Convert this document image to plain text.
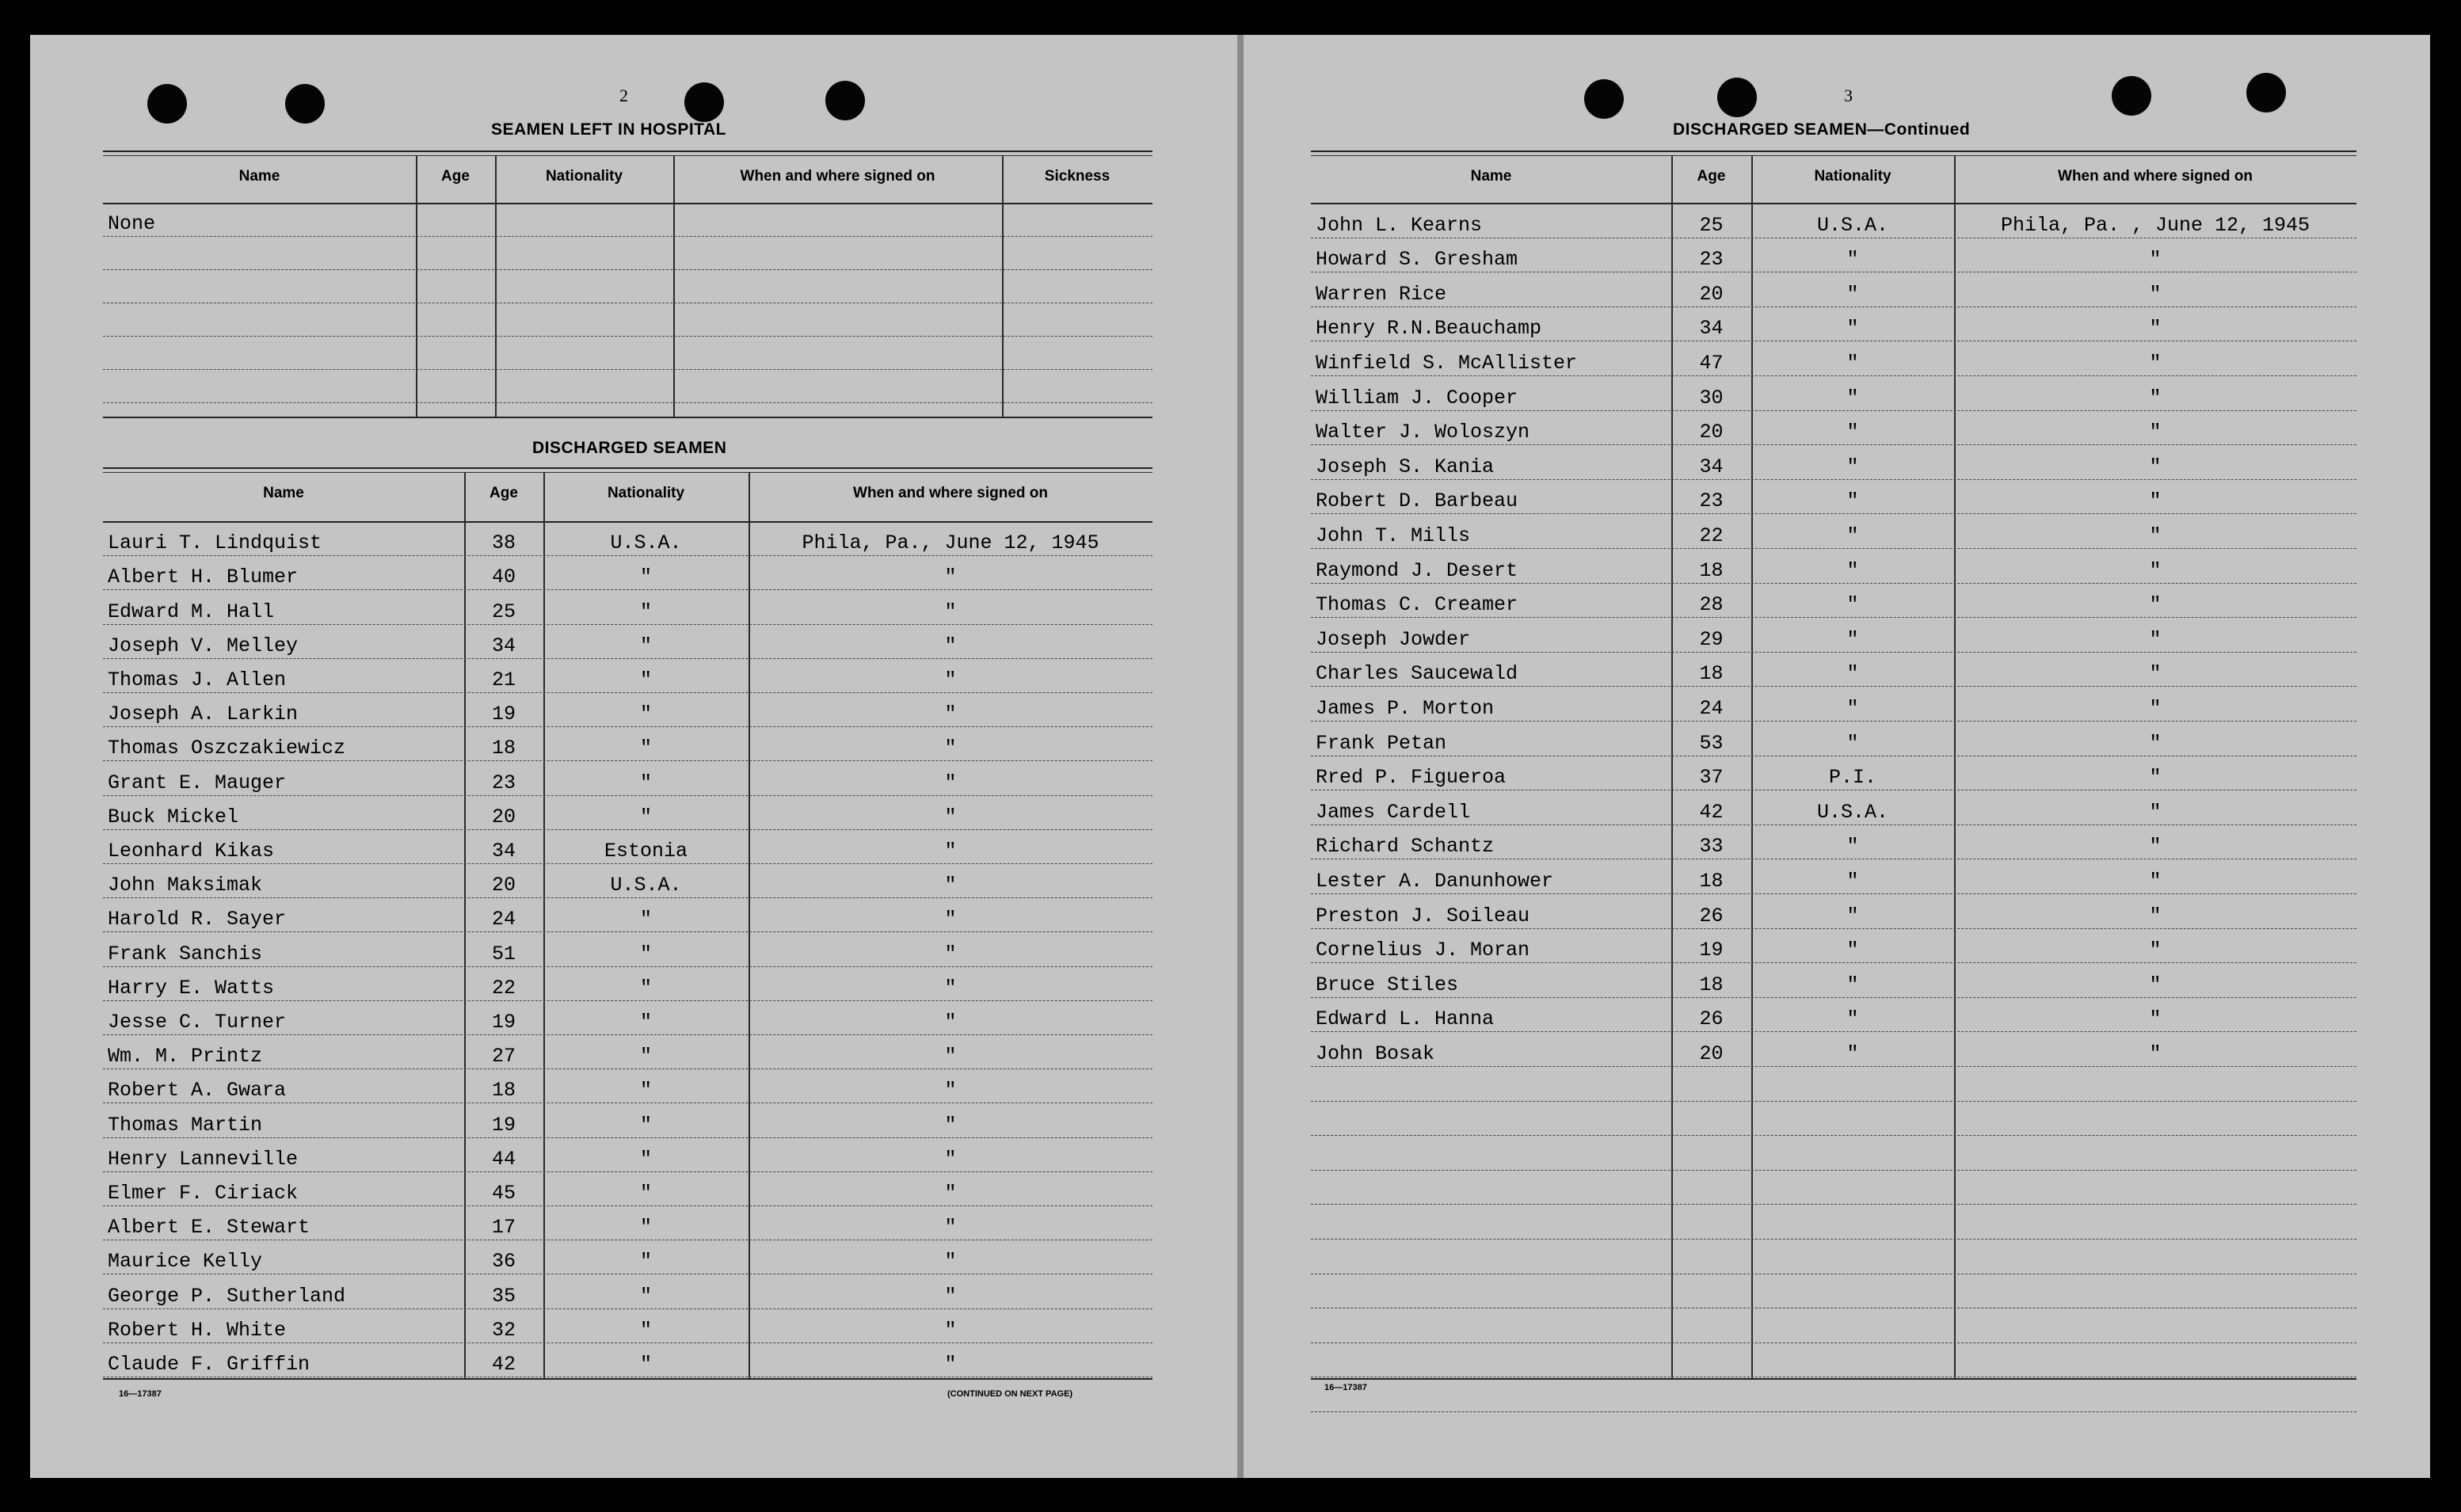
2
SEAMEN LEFT IN HOSPITAL
Name	Age	Nationality	When and where signed on	Sickness
None
DISCHARGED SEAMEN
Name	Age	Nationality	When and where signed on
Lauri T. Lindquist	38	U.S.A.	Phila, Pa., June 12, 1945
Albert H. Blumer	40	"	"
Edward M. Hall	25	"	"
Joseph V. Melley	34	"	"
Thomas J. Allen	21	"	"
Joseph A. Larkin	19	"	"
Thomas Oszczakiewicz	18	"	"
Grant E. Mauger	23	"	"
Buck Mickel	20	"	"
Leonhard Kikas	34	Estonia	"
John Maksimak	20	U.S.A.	"
Harold R. Sayer	24	"	"
Frank Sanchis	51	"	"
Harry E. Watts	22	"	"
Jesse C. Turner	19	"	"
Wm. M. Printz	27	"	"
Robert A. Gwara	18	"	"
Thomas Martin	19	"	"
Henry Lanneville	44	"	"
Elmer F. Ciriack	45	"	"
Albert E. Stewart	17	"	"
Maurice Kelly	36	"	"
George P. Sutherland	35	"	"
Robert H. White	32	"	"
Claude F. Griffin	42	"	"
16—17387	(CONTINUED ON NEXT PAGE)
3
DISCHARGED SEAMEN—Continued
Name	Age	Nationality	When and where signed on
John L. Kearns	25	U.S.A.	Phila, Pa. , June 12, 1945
Howard S. Gresham	23	"	"
Warren Rice	20	"	"
Henry R.N.Beauchamp	34	"	"
Winfield S. McAllister	47	"	"
William J. Cooper	30	"	"
Walter J. Woloszyn	20	"	"
Joseph S. Kania	34	"	"
Robert D. Barbeau	23	"	"
John T. Mills	22	"	"
Raymond J. Desert	18	"	"
Thomas C. Creamer	28	"	"
Joseph Jowder	29	"	"
Charles Saucewald	18	"	"
James P. Morton	24	"	"
Frank Petan	53	"	"
Rred P. Figueroa	37	P.I.	"
James Cardell	42	U.S.A.	"
Richard Schantz	33	"	"
Lester A. Danunhower	18	"	"
Preston J. Soileau	26	"	"
Cornelius J. Moran	19	"	"
Bruce Stiles	18	"	"
Edward L. Hanna	26	"	"
John Bosak	20	"	"
16—17387
